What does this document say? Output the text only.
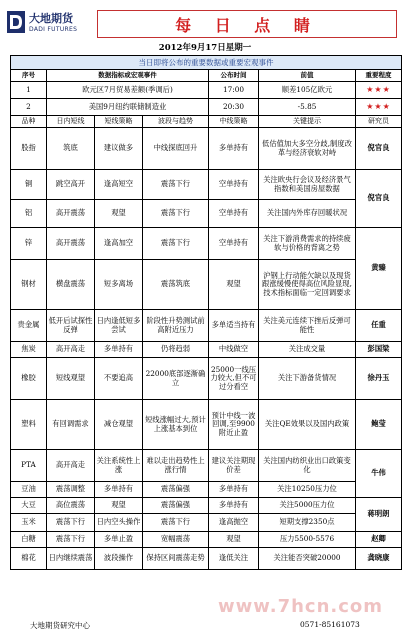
大地期货
DADI FUTURES	每 日 点 睛
2012年9月17日星期一
当日即将公布的重要数据或重要宏观事件
序号	数据指标或宏观事件			公布时间	前值	重要程度
1	欧元区7月贸易差额(季调后)			17:00	顺差105亿欧元	★★★
2	美国9月纽约联储制造业			20:30	-5.85	★★★
品种	日内短线	短线策略	波段与趋势	中线策略	关键提示	研究员
股指	筑底	建议做多	中线探底回升	多单持有	低估值加大多空分歧,制度改革与经济衰软对峙	倪官良
铜	跳空高开	逢高短空	震荡下行	空单持有	关注欧央行会议及经济景气指数和美国房屋数据	倪官良
铝	高开震荡	观望	震荡下行	空单持有	关注国内外库存回暖状况	
锌	高开震荡	逢高加空	震荡下行	空单持有	关注下游消费需求的持续疲软与价格的背离之势	黄臻
钢材	横盘震荡	短多离场	震荡筑底	观望	沪钢上行动能欠缺以及现货跟涨缓慢使得高位风险显现,技术指标面临一定回调要求	
贵金属	低开后试探性反弹	日内逢低短多尝试	阶段性升势测试前高附近压力	多单适当持有	关注美元连续下挫后反弹可能性	任重
焦炭	高开高走	多单持有	仍将趋弱	中线做空	关注成交量	彭国梁
橡胶	短线观望	不要追高	22000底部逐渐确立	25000一线压力较大,但不可过分看空	关注下游备货情况	徐丹玉
塑料	有回调需求	减仓观望	短线涨幅过大,预计上涨基本到位	预计中线一波回调,至9900附近止盈	关注QE效果以及国内政策	鲍莹
PTA	高开高走	关注系统性上涨	难以走出趋势性上涨行情	建议关注期现价差	关注国内纺织业出口政策变化	牛伟
豆油	震荡调整	多单持有	震荡偏强	多单持有	关注10250压力位	
大豆	高位震荡	观望	震荡偏强	多单持有	关注5000压力位	蒋明朗
玉米	震荡下行	日内空头操作	震荡下行	逢高抛空	短期支撑2350点	
白糖	震荡下行	多单止盈	宽幅震荡	观望	压力5500-5576	赵卿
棉花	日内继续震荡	波段操作	保持区间震荡走势	逢低关注	关注能否突破20000	龚晓康
www.7hcn.com
大地期货研究中心	0571-85161073
